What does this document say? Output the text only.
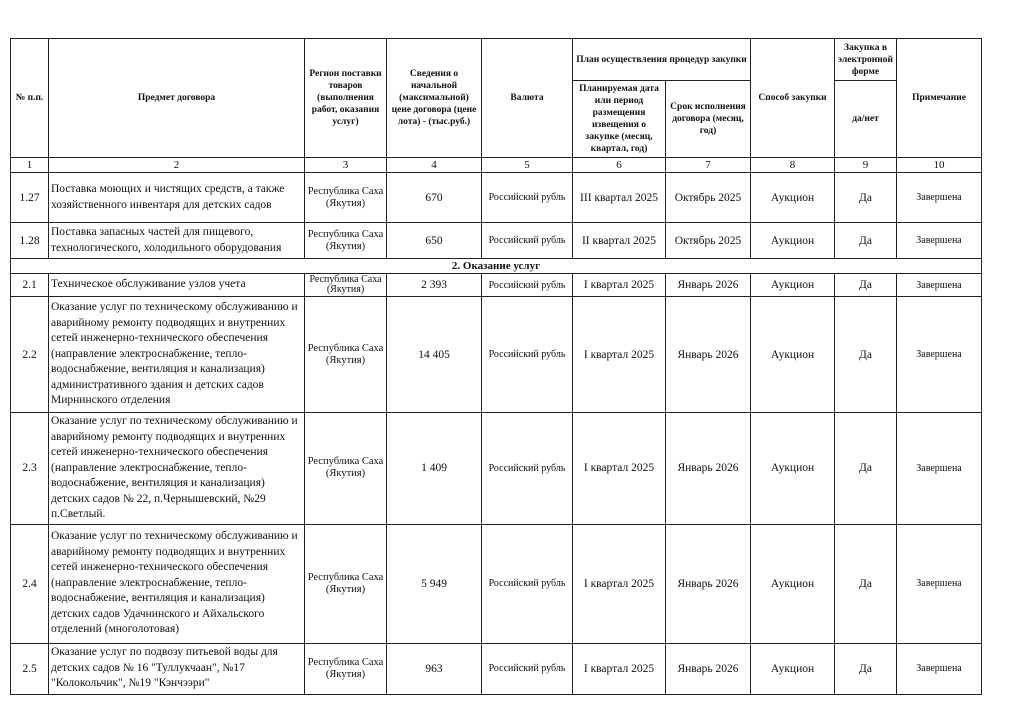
№ п.п.	Предмет договора	Регион поставки товаров (выполнения работ, оказания услуг)	Сведения о начальной (максимальной) цене договора (цене лота) - (тыс.руб.)	Валюта	План осуществления процедур закупки		Способ закупки	Закупка в электронной форме	Примечание
					Планируемая дата или период размещения извещения о закупке (месяц, квартал, год)	Срок исполнения договора (месяц, год)		да/нет	
1	2	3	4	5	6	7	8	9	10
1.27	Поставка моющих и чистящих средств, а также хозяйственного инвентаря для детских садов	Республика Саха (Якутия)	670	Российский рубль	III квартал 2025	Октябрь 2025	Аукцион	Да	Завершена
1.28	Поставка запасных частей для пищевого, технологического, холодильного оборудования	Республика Саха (Якутия)	650	Российский рубль	II квартал 2025	Октябрь 2025	Аукцион	Да	Завершена
2. Оказание услуг									
2.1	Техническое обслуживание узлов учета	Республика Саха (Якутия)	2 393	Российский рубль	I квартал 2025	Январь 2026	Аукцион	Да	Завершена
2.2	Оказание услуг по техническому обслуживанию и аварийному ремонту подводящих и внутренних сетей инженерно-технического обеспечения (направление электроснабжение, тепло-водоснабжение, вентиляция и канализация) административного здания и детских садов Мирнинского отделения	Республика Саха (Якутия)	14 405	Российский рубль	I квартал 2025	Январь 2026	Аукцион	Да	Завершена
2.3	Оказание услуг по техническому обслуживанию и аварийному ремонту подводящих и внутренних сетей инженерно-технического обеспечения (направление электроснабжение, тепло-водоснабжение, вентиляция и канализация) детских садов № 22, п.Чернышевский, №29 п.Светлый.	Республика Саха (Якутия)	1 409	Российский рубль	I квартал 2025	Январь 2026	Аукцион	Да	Завершена
2.4	Оказание услуг по техническому обслуживанию и аварийному ремонту подводящих и внутренних сетей инженерно-технического обеспечения (направление электроснабжение, тепло-водоснабжение, вентиляция и канализация) детских садов Удачнинского и Айхальского отделений (многолотовая)	Республика Саха (Якутия)	5 949	Российский рубль	I квартал 2025	Январь 2026	Аукцион	Да	Завершена
2.5	Оказание услуг по подвозу питьевой воды для детских садов № 16 "Туллукчаан", №17 "Колокольчик", №19 "Кэнчээри"	Республика Саха (Якутия)	963	Российский рубль	I квартал 2025	Январь 2026	Аукцион	Да	Завершена
